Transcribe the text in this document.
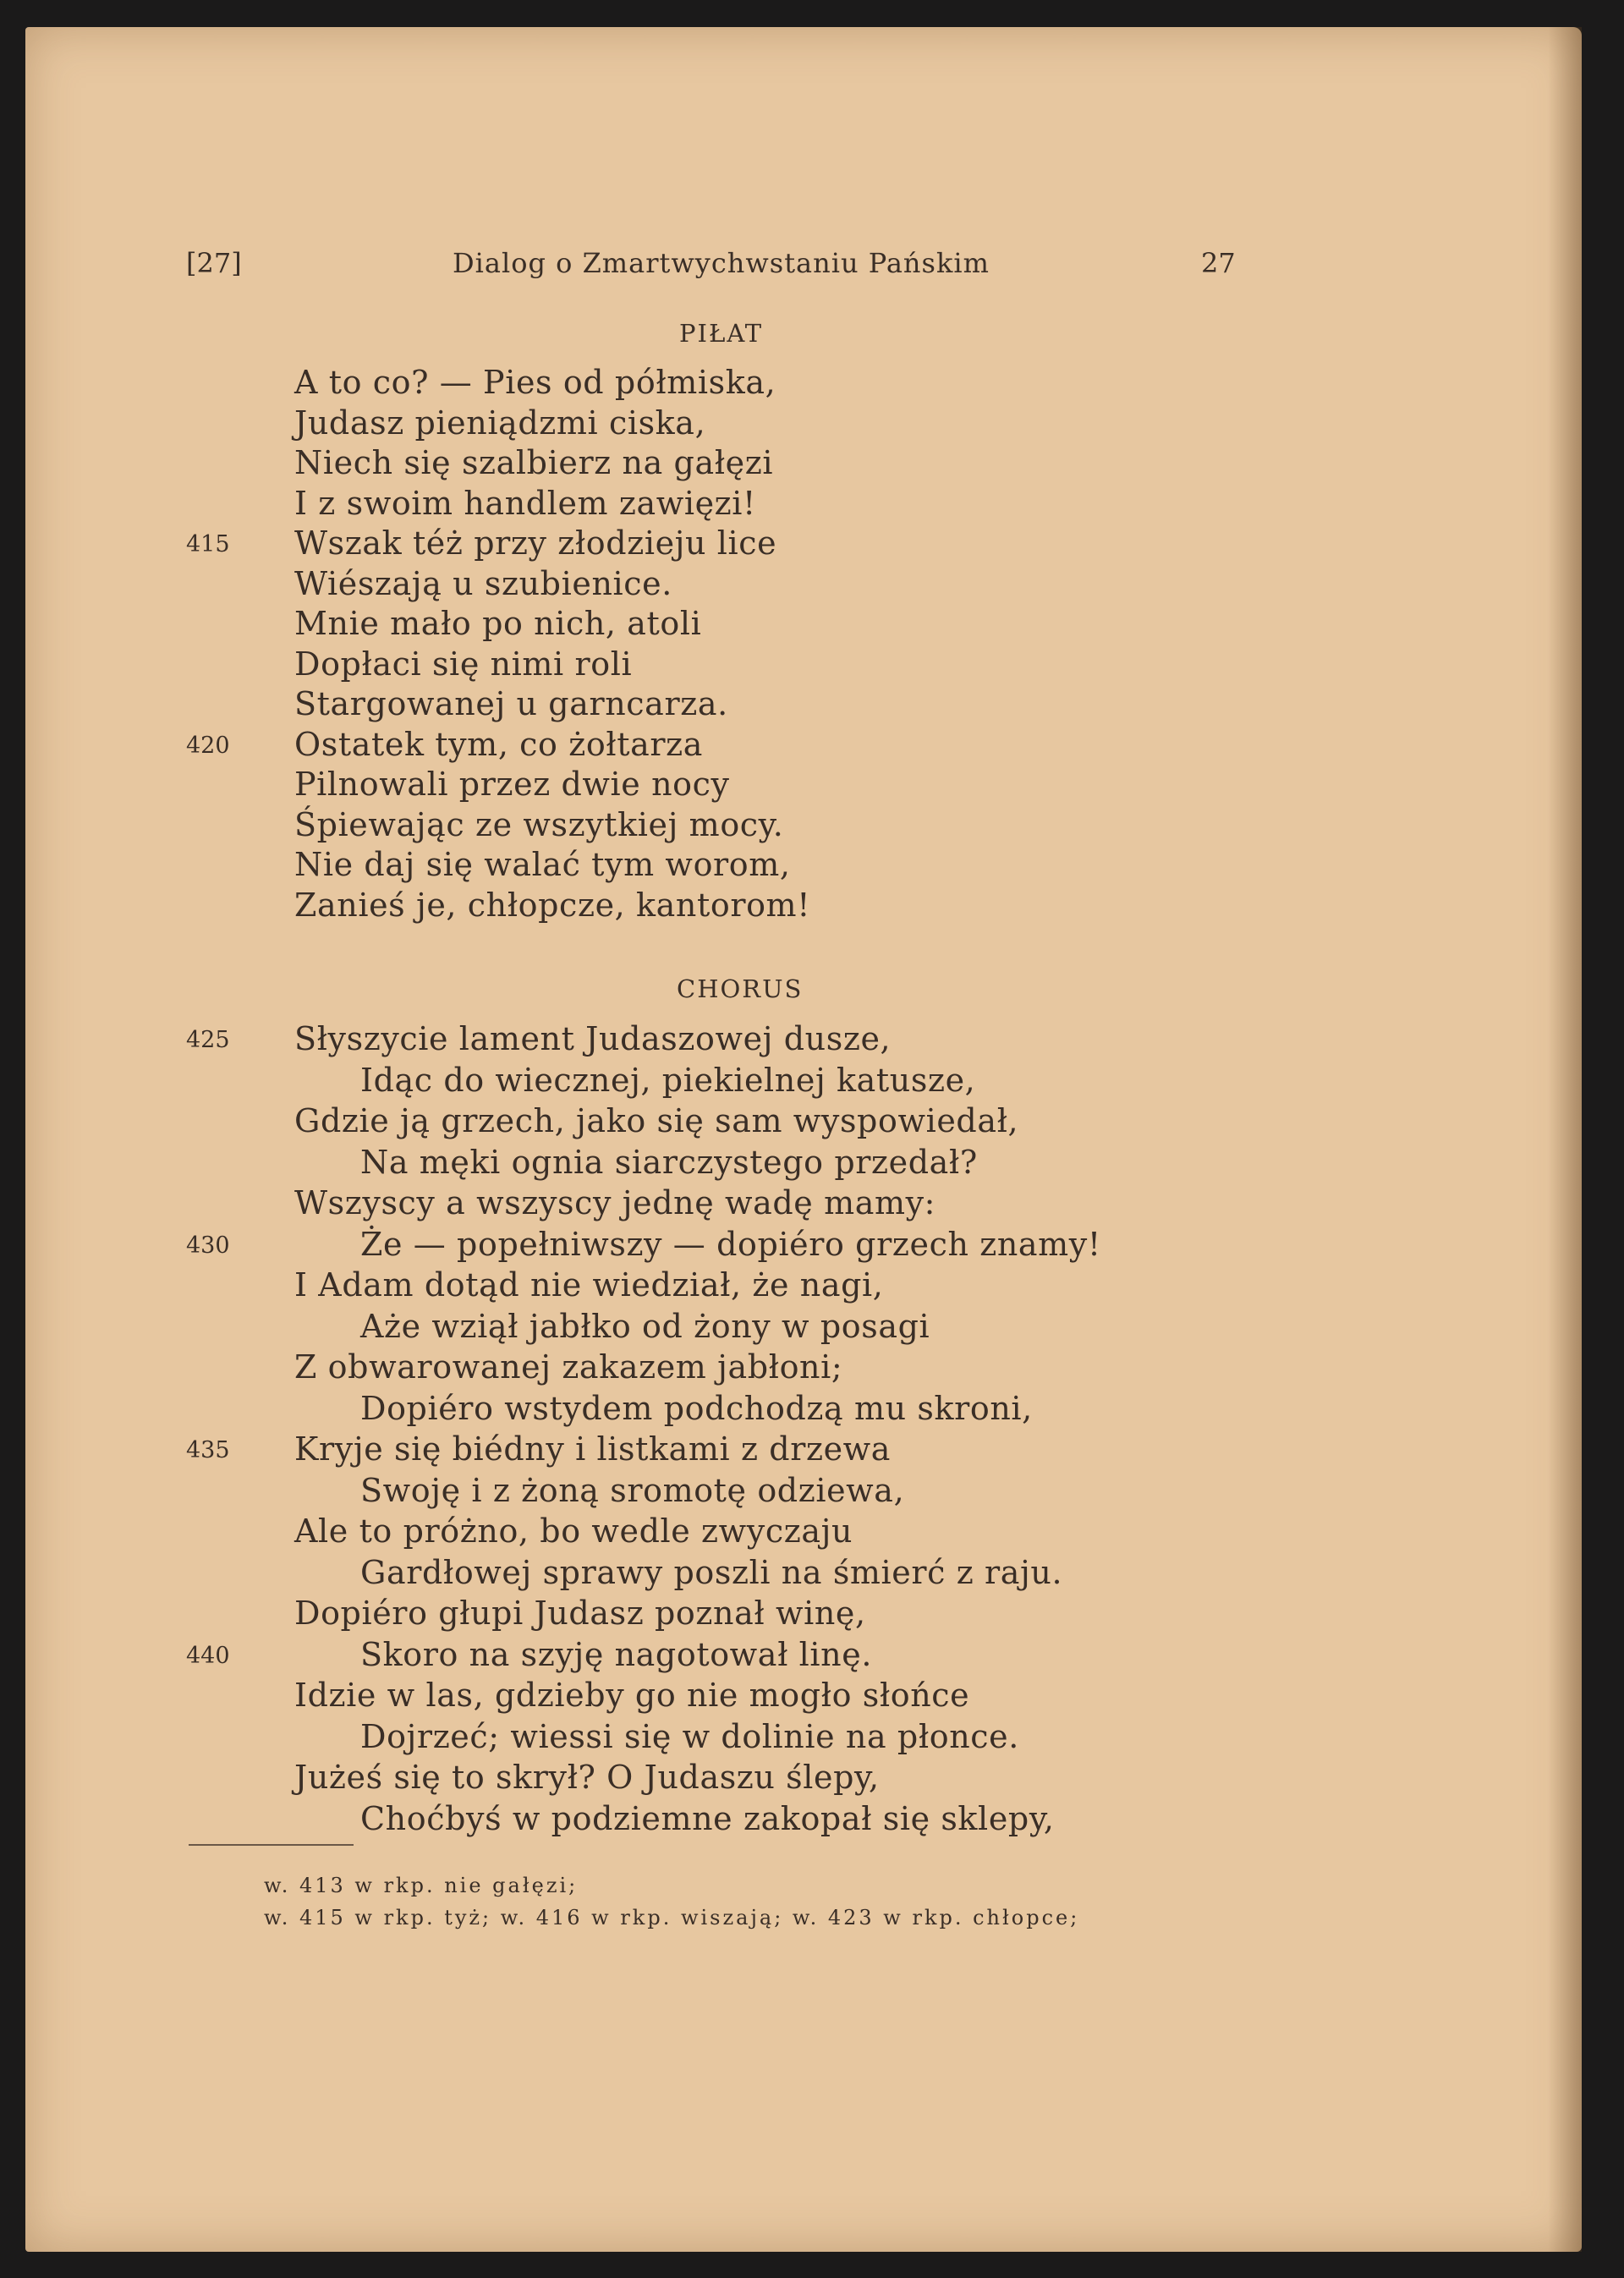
[27]	Dialog o Zmartwychwstaniu Pańskim	27
PIŁAT
A to co? — Pies od półmiska,
Judasz pieniądzmi ciska,
Niech się szalbierz na gałęzi
I z swoim handlem zawięzi!
415 Wszak téż przy złodzieju lice
Wiészają u szubienice.
Mnie mało po nich, atoli
Dopłaci się nimi roli
Stargowanej u garncarza.
420 Ostatek tym, co żołtarza
Pilnowali przez dwie nocy
Śpiewając ze wszytkiej mocy.
Nie daj się walać tym worom,
Zanieś je, chłopcze, kantorom!
CHORUS
425 Słyszycie lament Judaszowej dusze,
Idąc do wiecznej, piekielnej katusze,
Gdzie ją grzech, jako się sam wyspowiedał,
Na męki ognia siarczystego przedał?
Wszyscy a wszyscy jednę wadę mamy:
430	Że — popełniwszy — dopiéro grzech znamy!
I Adam dotąd nie wiedział, że nagi,
Aże wziął jabłko od żony w posagi
Z obwarowanej zakazem jabłoni;
Dopiéro wstydem podchodzą mu skroni,
435 Kryje się biédny i listkami z drzewa
Swoję i z żoną sromotę odziewa,
Ale to próżno, bo wedle zwyczaju
Gardłowej sprawy poszli na śmierć z raju.
Dopiéro głupi Judasz poznał winę,
440	Skoro na szyję nagotował linę.
Idzie w las, gdzieby go nie mogło słońce
Dojrzeć; wiessi się w dolinie na płonce.
Jużeś się to skrył? O Judaszu ślepy,
Choćbyś w podziemne zakopał się sklepy,
w. 413 w rkp. nie gałęzi;
w. 415 w rkp. tyż; w. 416 w rkp. wiszają; w. 423 w rkp. chłopce;
